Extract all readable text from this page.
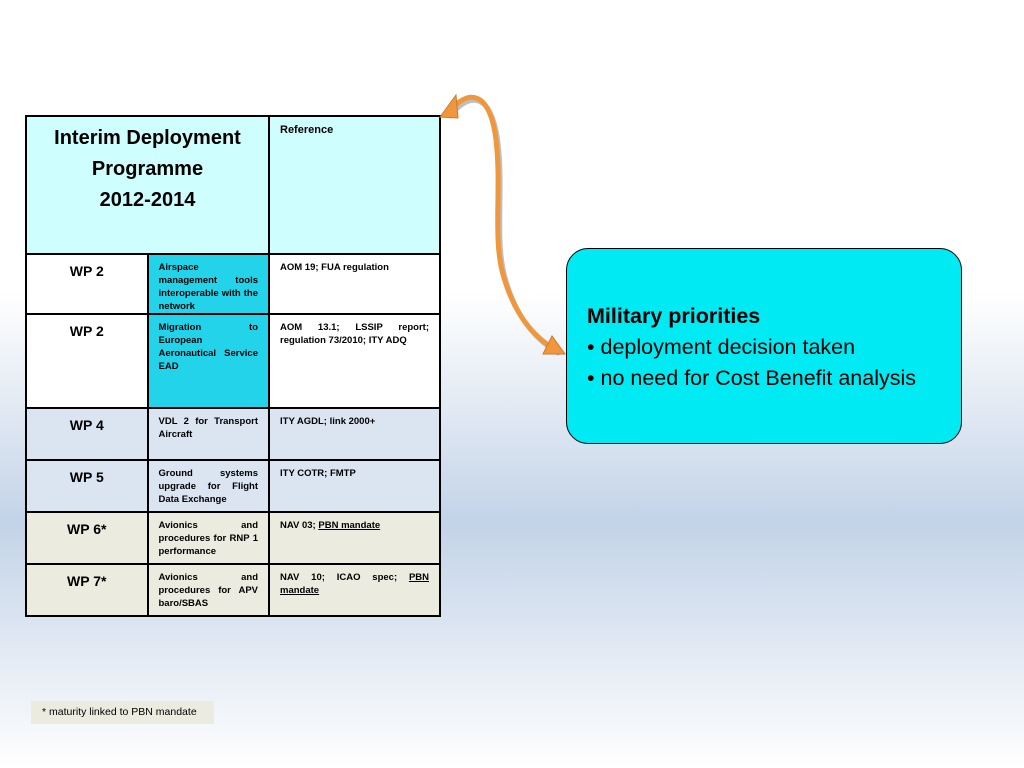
Interim Deployment
Programme
2012-2014		Reference
WP 2	Airspace management tools interoperable with the network	AOM 19; FUA regulation
WP 2	Migration to European Aeronautical Service EAD	AOM 13.1; LSSIP report; regulation 73/2010; ITY ADQ
WP 4	VDL 2 for Transport Aircraft	ITY AGDL; link 2000+
WP 5	Ground systems upgrade for Flight Data Exchange	ITY COTR; FMTP
WP 6*	Avionics and procedures for RNP 1 performance	NAV 03; PBN mandate
WP 7*	Avionics and procedures for APV baro/SBAS	NAV 10; ICAO spec; PBN mandate
Military priorities
• deployment decision taken
• no need for Cost Benefit analysis
* maturity linked to PBN mandate
